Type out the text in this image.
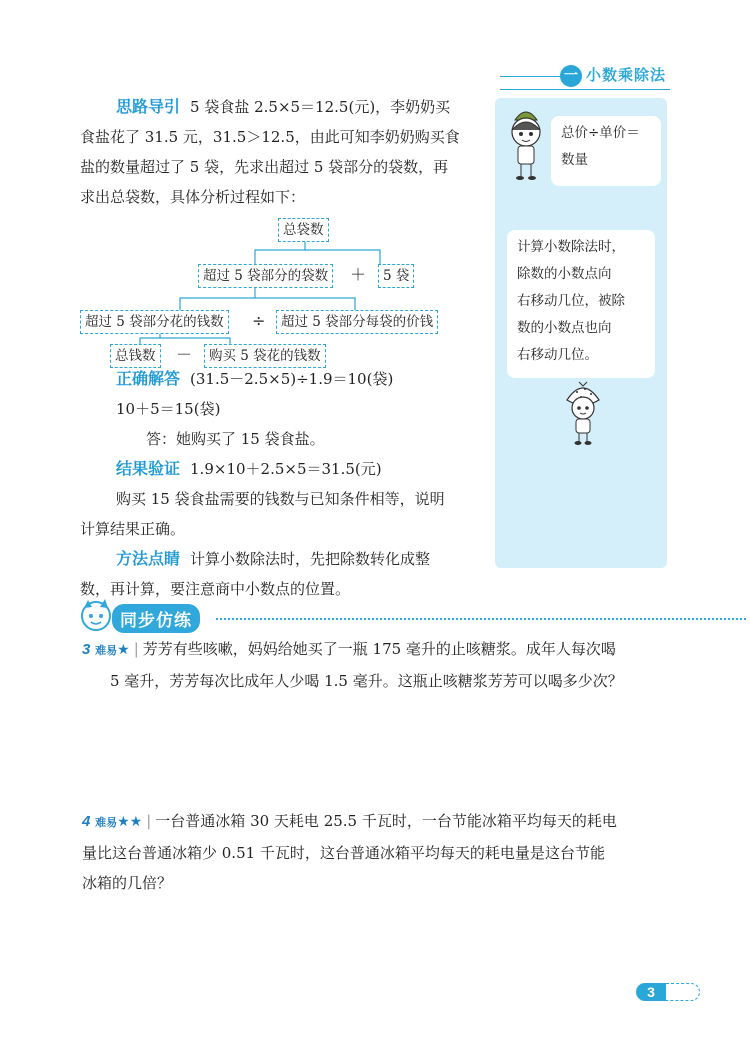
一 小数乘除法
思路导引 5 袋食盐 2.5×5＝12.5(元)，李奶奶买
食盐花了 31.5 元，31.5＞12.5，由此可知李奶奶购买食
盐的数量超过了 5 袋，先求出超过 5 袋部分的袋数，再
求出总袋数，具体分析过程如下：
总袋数
超过 5 袋部分的袋数	＋	5 袋
超过 5 袋部分花的钱数	÷	超过 5 袋部分每袋的价钱
总钱数	－	购买 5 袋花的钱数
正确解答 (31.5－2.5×5)÷1.9＝10(袋)
10＋5＝15(袋)
答：她购买了 15 袋食盐。
结果验证 1.9×10＋2.5×5＝31.5(元)
购买 15 袋食盐需要的钱数与已知条件相等，说明
计算结果正确。
方法点睛 计算小数除法时，先把除数转化成整
数，再计算，要注意商中小数点的位置。
总价÷单价＝
数量
计算小数除法时，
除数的小数点向
右移动几位，被除
数的小数点也向
右移动几位。
同步仿练
3 难易★ | 芳芳有些咳嗽，妈妈给她买了一瓶 175 毫升的止咳糖浆。成年人每次喝
5 毫升，芳芳每次比成年人少喝 1.5 毫升。这瓶止咳糖浆芳芳可以喝多少次？
4 难易★★ | 一台普通冰箱 30 天耗电 25.5 千瓦时，一台节能冰箱平均每天的耗电
量比这台普通冰箱少 0.51 千瓦时，这台普通冰箱平均每天的耗电量是这台节能
冰箱的几倍？
3
